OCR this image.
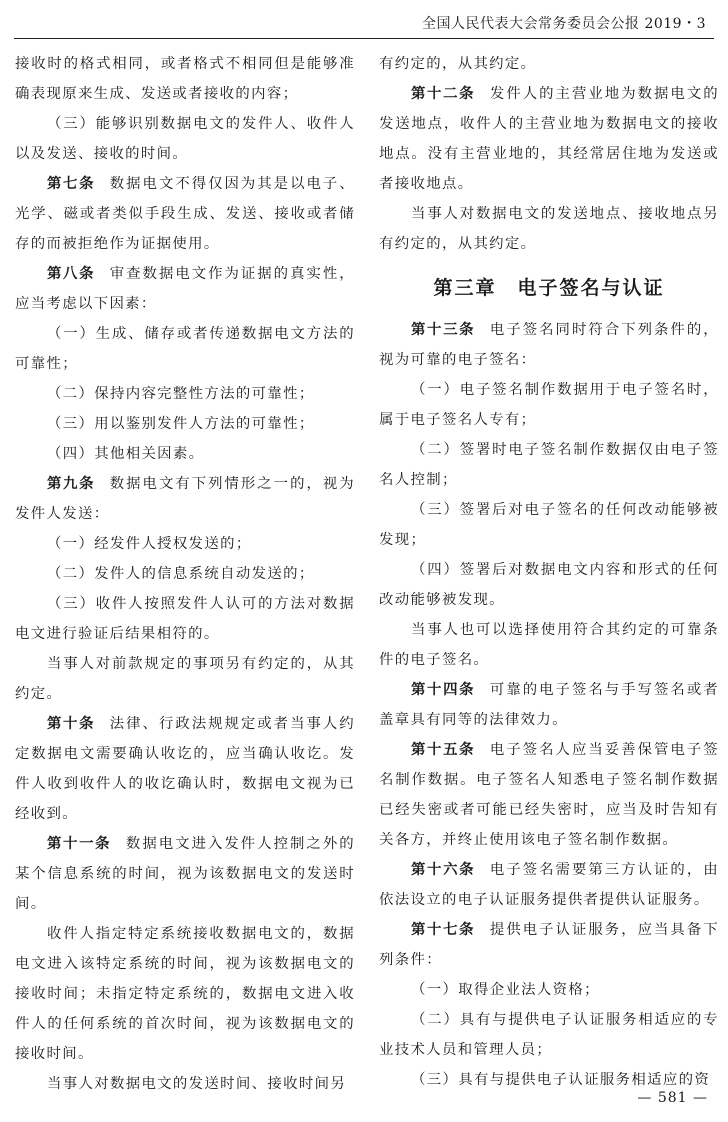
全国人民代表大会常务委员会公报 2019・3

接收时的格式相同，或者格式不相同但是能够准确表现原来生成、发送或者接收的内容；

（三）能够识别数据电文的发件人、收件人以及发送、接收的时间。

第七条 数据电文不得仅因为其是以电子、光学、磁或者类似手段生成、发送、接收或者储存的而被拒绝作为证据使用。

第八条 审查数据电文作为证据的真实性，应当考虑以下因素：

（一）生成、储存或者传递数据电文方法的可靠性；

（二）保持内容完整性方法的可靠性；

（三）用以鉴别发件人方法的可靠性；

（四）其他相关因素。

第九条 数据电文有下列情形之一的，视为发件人发送：

（一）经发件人授权发送的；

（二）发件人的信息系统自动发送的；

（三）收件人按照发件人认可的方法对数据电文进行验证后结果相符的。

当事人对前款规定的事项另有约定的，从其约定。

第十条 法律、行政法规规定或者当事人约定数据电文需要确认收讫的，应当确认收讫。发件人收到收件人的收讫确认时，数据电文视为已经收到。

第十一条 数据电文进入发件人控制之外的某个信息系统的时间，视为该数据电文的发送时间。

收件人指定特定系统接收数据电文的，数据电文进入该特定系统的时间，视为该数据电文的接收时间；未指定特定系统的，数据电文进入收件人的任何系统的首次时间，视为该数据电文的接收时间。

当事人对数据电文的发送时间、接收时间另

有约定的，从其约定。

第十二条 发件人的主营业地为数据电文的发送地点，收件人的主营业地为数据电文的接收地点。没有主营业地的，其经常居住地为发送或者接收地点。

当事人对数据电文的发送地点、接收地点另有约定的，从其约定。

第三章　电子签名与认证

第十三条 电子签名同时符合下列条件的，视为可靠的电子签名：

（一）电子签名制作数据用于电子签名时，属于电子签名人专有；

（二）签署时电子签名制作数据仅由电子签名人控制；

（三）签署后对电子签名的任何改动能够被发现；

（四）签署后对数据电文内容和形式的任何改动能够被发现。

当事人也可以选择使用符合其约定的可靠条件的电子签名。

第十四条 可靠的电子签名与手写签名或者盖章具有同等的法律效力。

第十五条 电子签名人应当妥善保管电子签名制作数据。电子签名人知悉电子签名制作数据已经失密或者可能已经失密时，应当及时告知有关各方，并终止使用该电子签名制作数据。

第十六条 电子签名需要第三方认证的，由依法设立的电子认证服务提供者提供认证服务。

第十七条 提供电子认证服务，应当具备下列条件：

（一）取得企业法人资格；

（二）具有与提供电子认证服务相适应的专业技术人员和管理人员；

（三）具有与提供电子认证服务相适应的资

— 581 —
